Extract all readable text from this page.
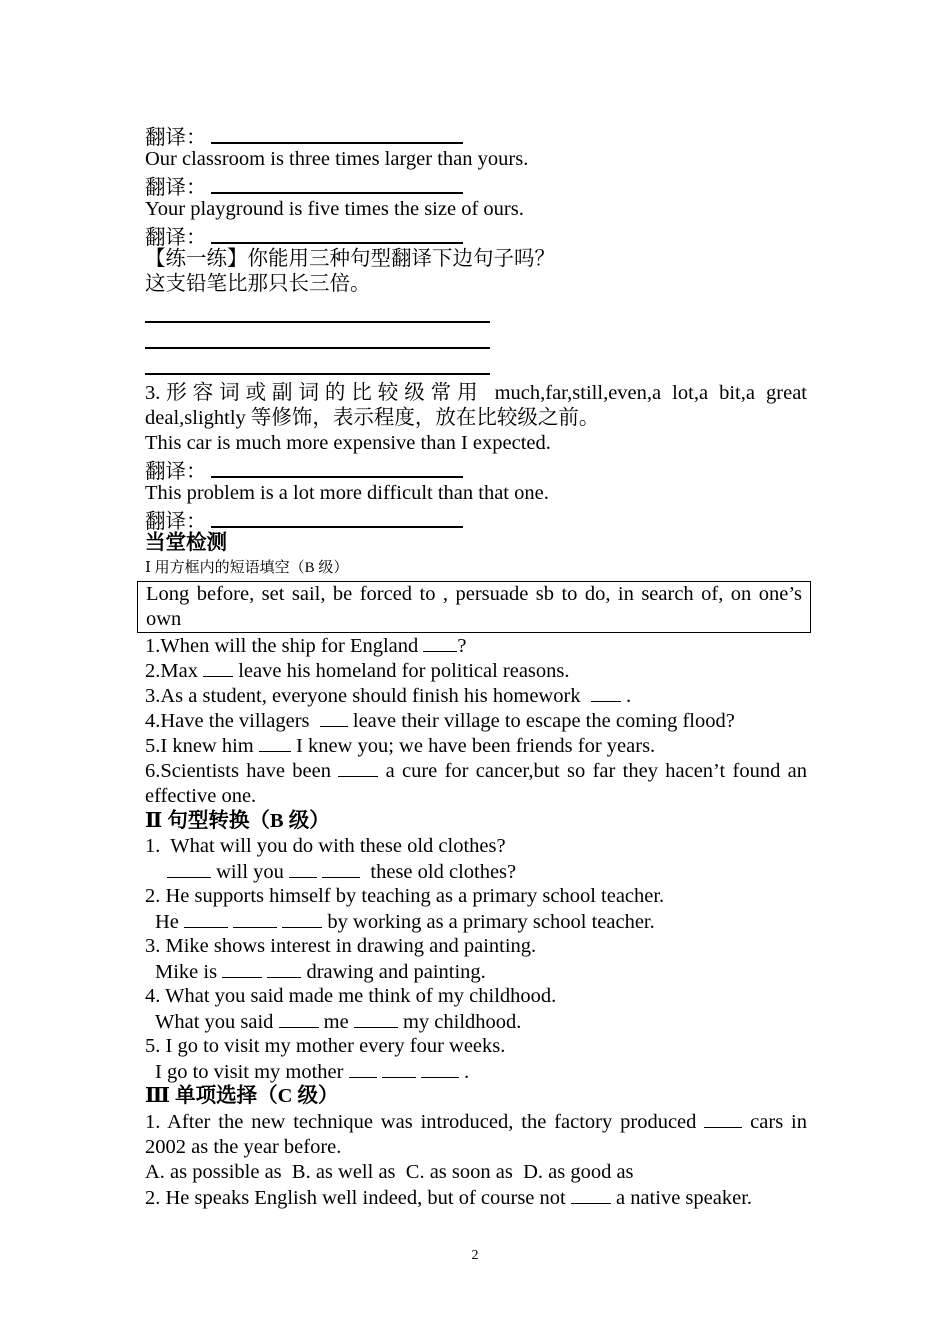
翻译：
Our classroom is three times larger than yours.
翻译：
Your playground is five times the size of ours.
翻译：
【练一练】你能用三种句型翻译下边句子吗？
这支铅笔比那只长三倍。
3.形容词或副词的比较级常用 much,far,still,even,a lot,a bit,a great deal,slightly 等修饰，表示程度，放在比较级之前。
This car is much more expensive than I expected.
翻译：
This problem is a lot more difficult than that one.
翻译：
当堂检测
Ⅰ 用方框内的短语填空（B 级）
Long before, set sail, be forced to , persuade sb to do, in search of, on one’s own
1.When will the ship for England ?
2.Max  leave his homeland for political reasons.
3.As a student, everyone should finish his homework   .
4.Have the villagers   leave their village to escape the coming flood?
5.I knew him  I knew you; we have been friends for years.
6.Scientists have been  a cure for cancer,but so far they hacen’t found an effective one.
Ⅱ 句型转换（B 级）
1.  What will you do with these old clothes?
will you	these old clothes?
2. He supports himself by teaching as a primary school teacher.
He	by working as a primary school teacher.
3. Mike shows interest in drawing and painting.
Mike is	drawing and painting.
4. What you said made me think of my childhood.
What you said  me  my childhood.
5. I go to visit my mother every four weeks.
I go to visit my mother	.
Ⅲ 单项选择（C 级）
1. After the new technique was introduced, the factory produced  cars in 2002 as the year before.
A. as possible as  B. as well as  C. as soon as  D. as good as
2. He speaks English well indeed, but of course not  a native speaker.
2
